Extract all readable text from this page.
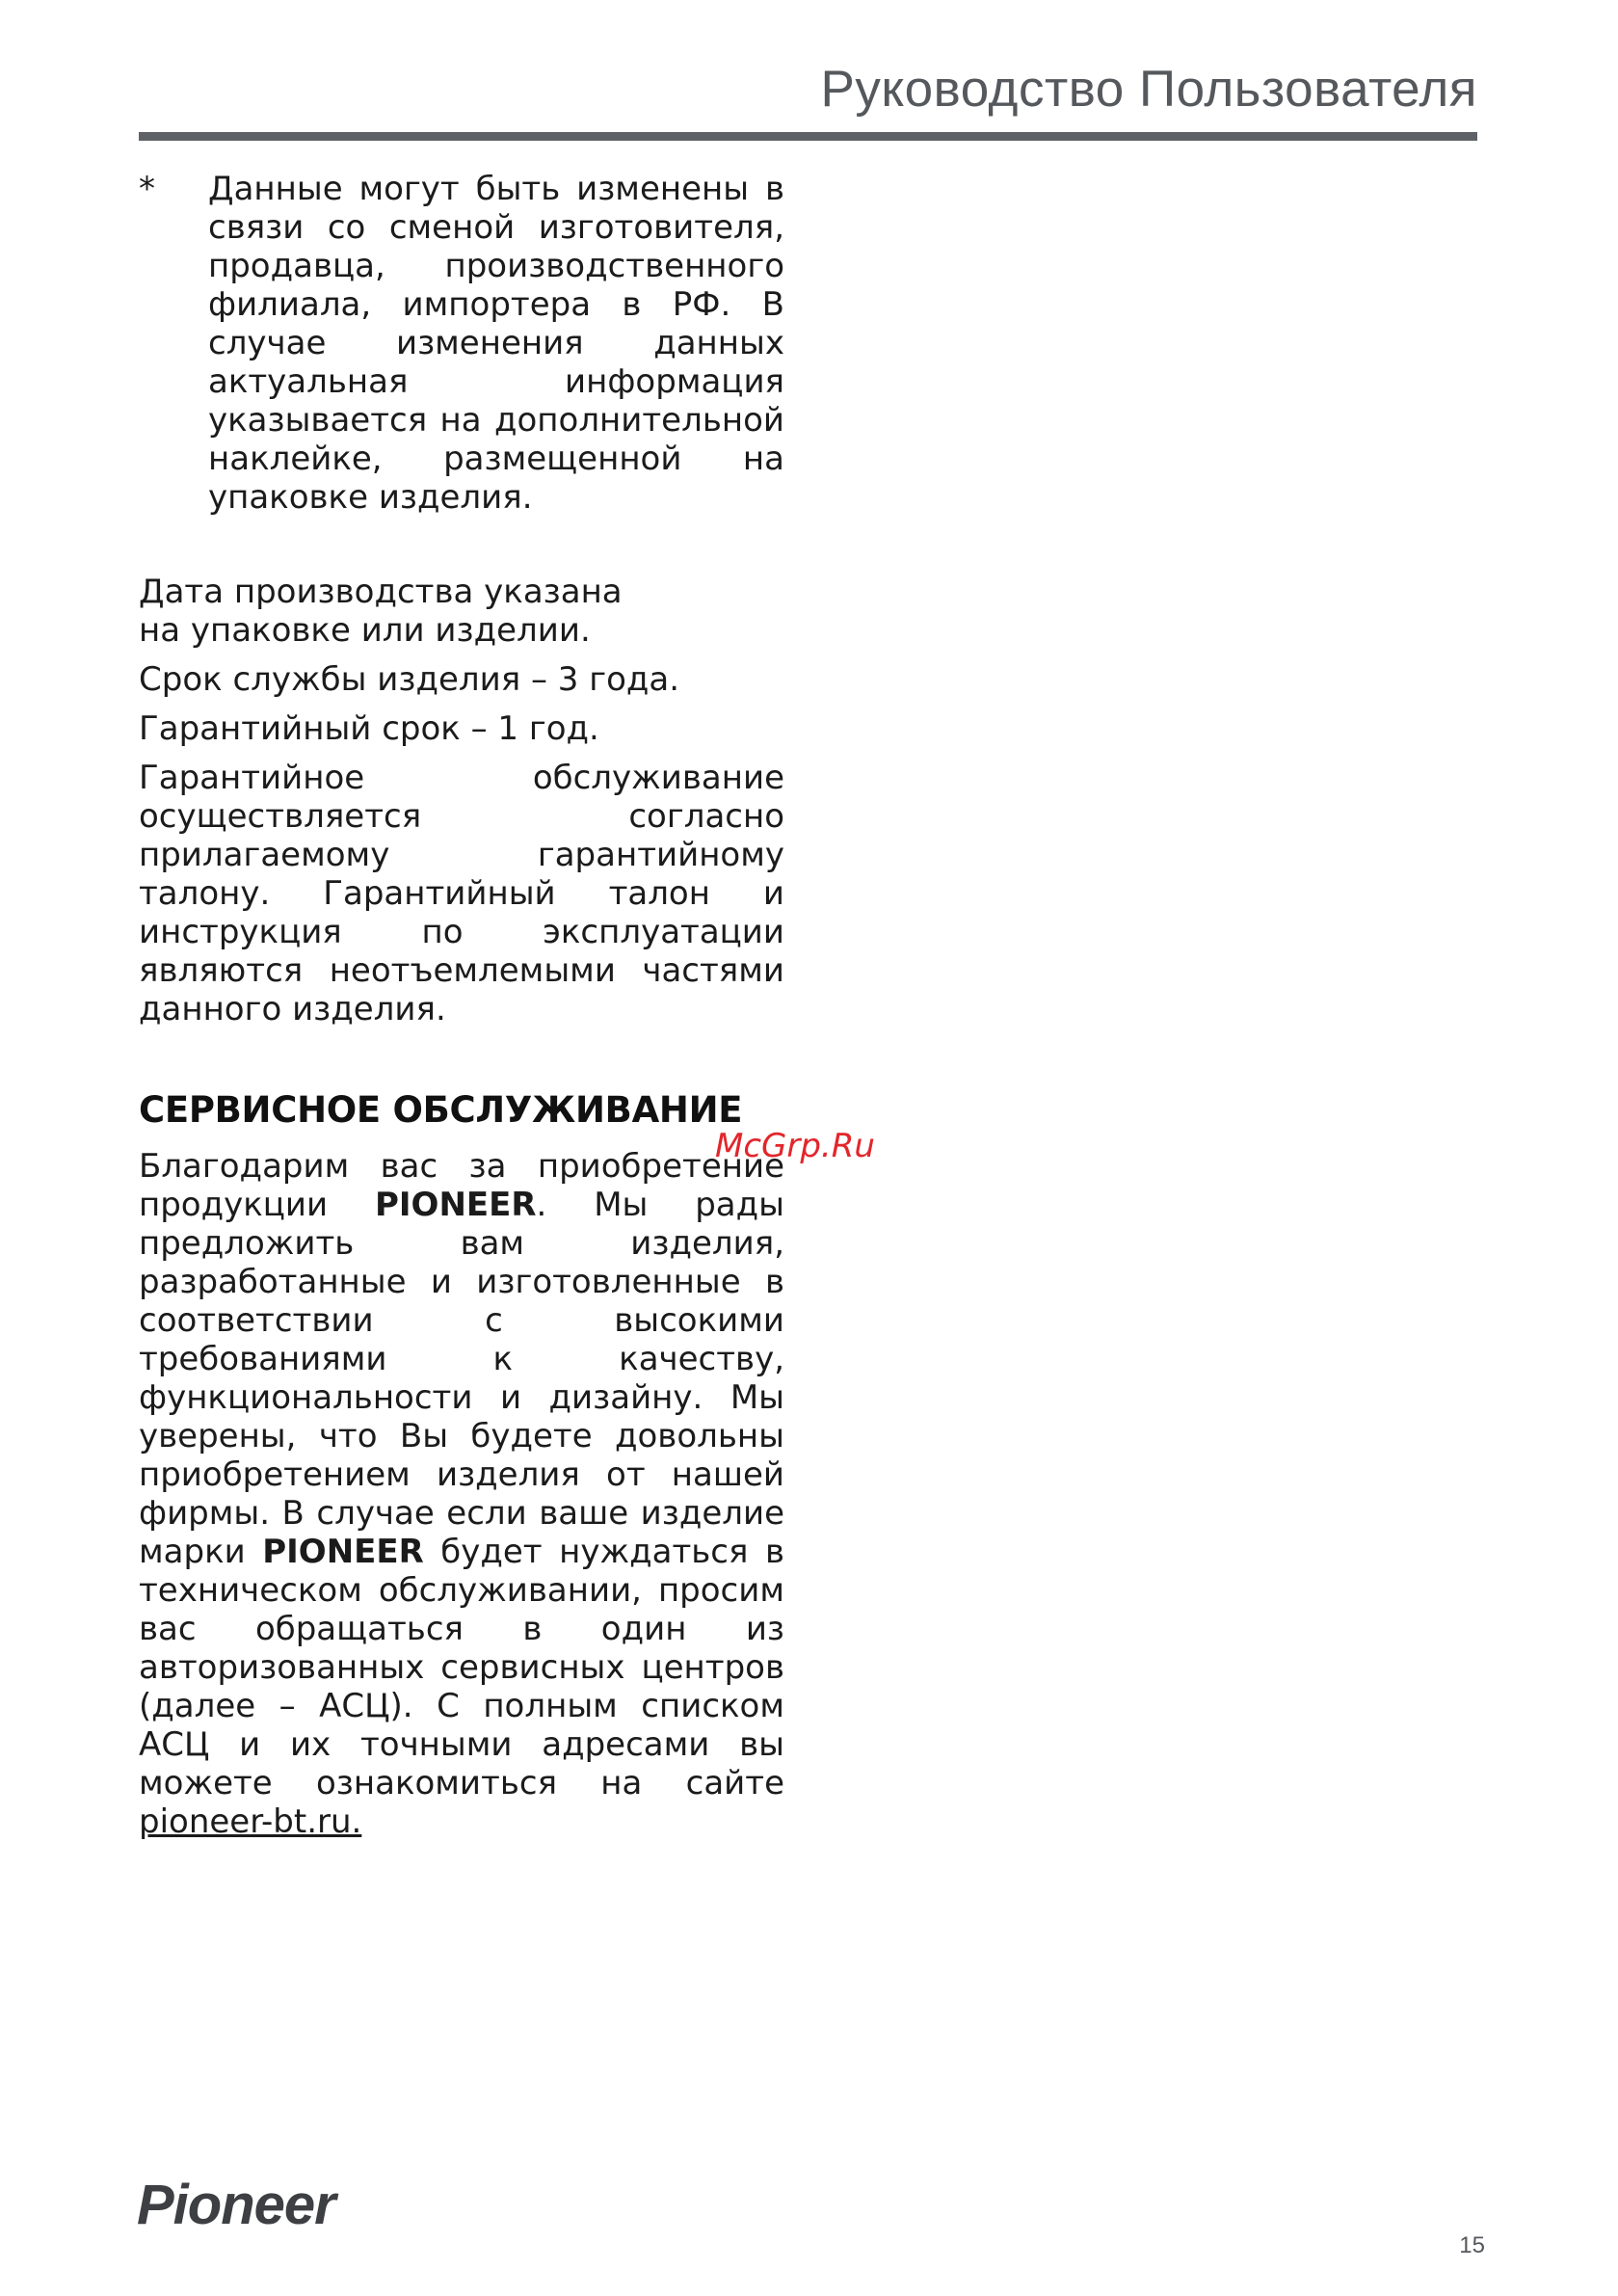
Руководство Пользователя
*	Данные могут быть изменены в связи со сменой изготовителя, продавца, производственного филиала, импортера в РФ. В случае изменения данных актуальная информация указывается на дополнительной наклейке, размещенной на упаковке изделия.

Дата производства указана на упаковке или изделии.

Срок службы изделия – 3 года.

Гарантийный срок – 1 год.

Гарантийное обслуживание осуществляется согласно прилагаемому гарантийному талону. Гарантийный талон и инструкция по эксплуатации являются неотъемлемыми частями данного изделия.

СЕРВИСНОЕ ОБСЛУЖИВАНИЕ
Благодарим вас за приобретение продукции PIONEER. Мы рады предложить вам изделия, разработанные и изготовленные в соответствии с высокими требованиями к качеству, функциональности и дизайну. Мы уверены, что Вы будете довольны приобретением изделия от нашей фирмы. В случае если ваше изделие марки PIONEER будет нуждаться в техническом обслуживании, просим вас обращаться в один из авторизованных сервисных центров (далее – АСЦ). С полным списком АСЦ и их точными адресами вы можете ознакомиться на сайте pioneer-bt.ru.
McGrp.Ru
Pioneer
15
